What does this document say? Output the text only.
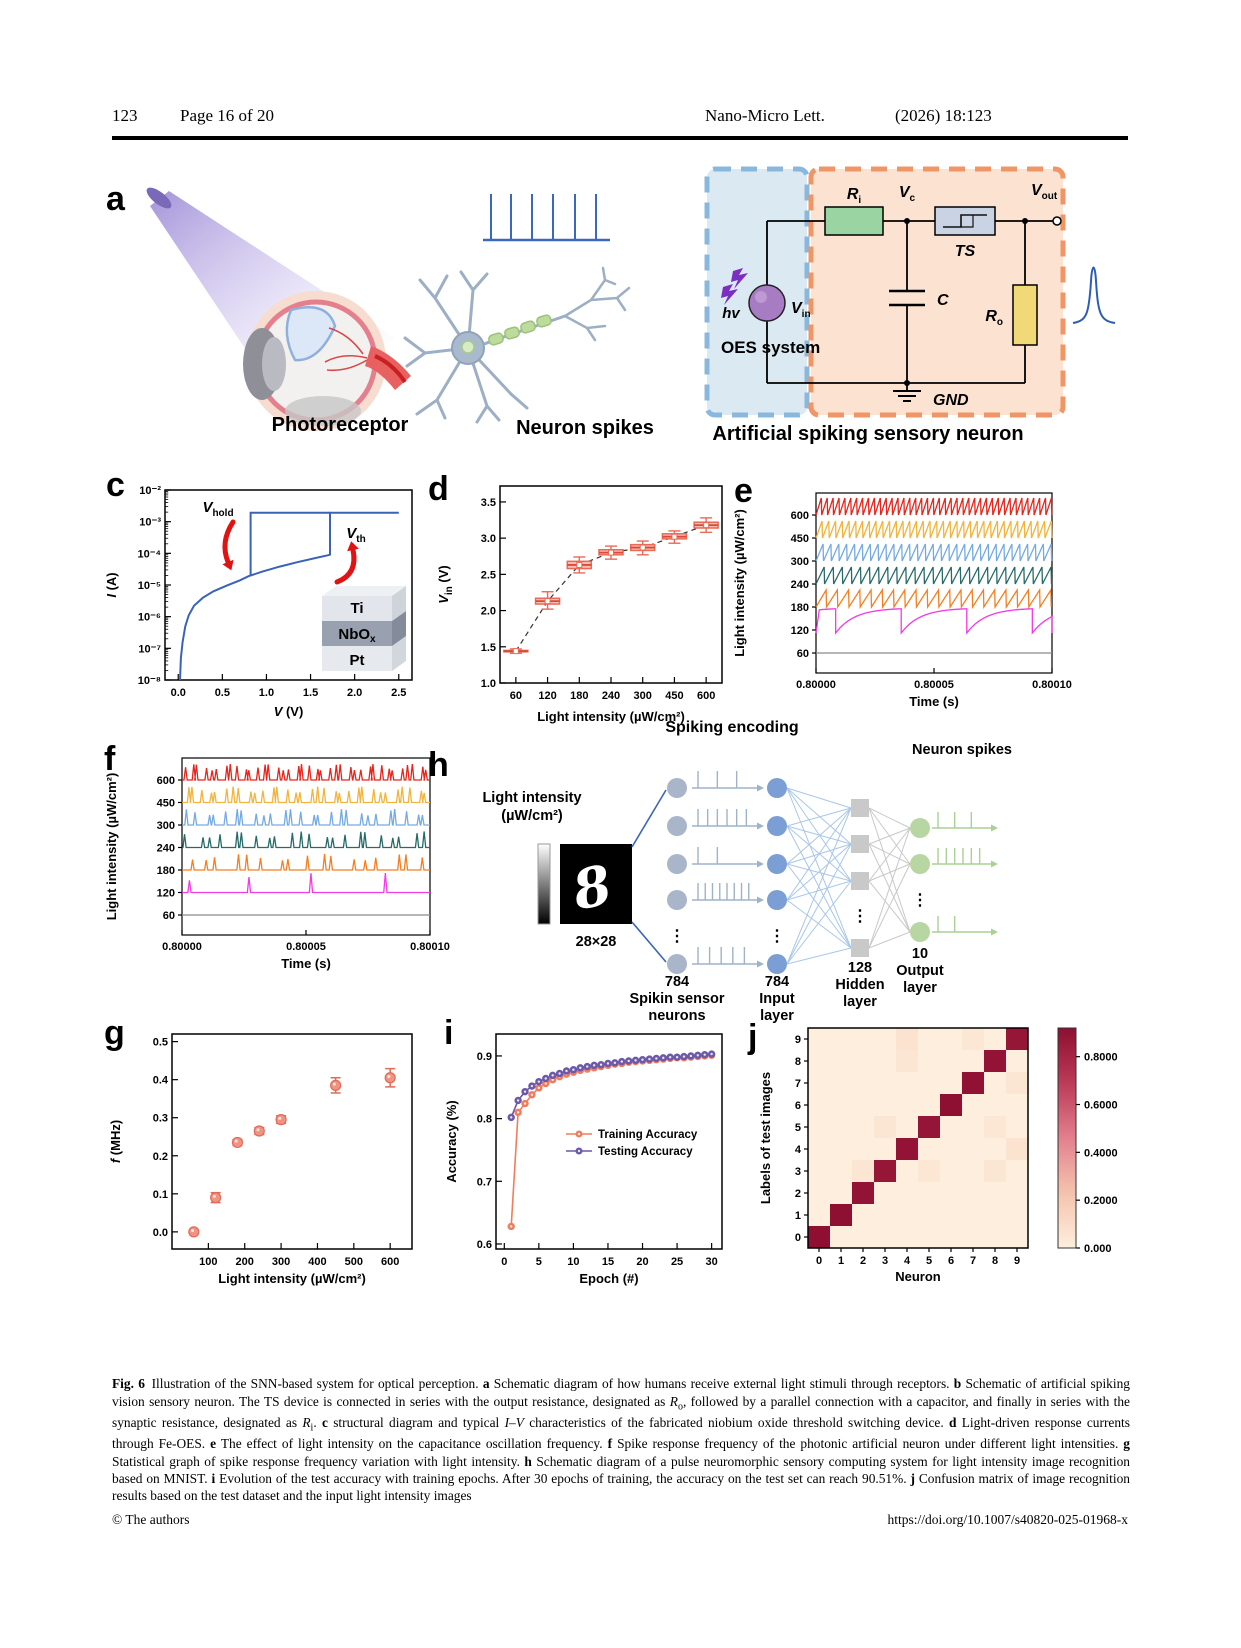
123	Page 16 of 20	Nano-Micro Lett.	(2026) 18:123
a
c	d	e
f	h
g	i	j
hv	$V_{in}$
OES system
$R_i$ $V_c$
TS
$V_{out}$
C
$R_o$
GND
Photoreceptor	Neuron spikes	Artificial spiking sensory neuron
10⁻²
10⁻³
10⁻⁴
10⁻⁵
10⁻⁶
10⁻⁷
10⁻⁸
0.0	0.5	1.0	1.5	2.0	2.5
$V_{hold}$
$V_{th}$
V (V)
I (A)
Ti
NbO$_x$
Pt
1.0
1.5
2.0
2.5
3.0
3.5
60 120 180 240 300 450 600
Light intensity (µW/cm²)
$V_{in}$ (V)
600
450
300
240
180
120
60
0.80000	0.80005	0.80010
Time (s)
Light intensity (µW/cm²)
600
450
300
240
180
120
60
0.80000	0.80005	0.80010
Time (s)
Light intensity (µW/cm²)
Spiking encoding
Light intensity
(µW/cm²)
8
28×28	⋮	⋮
⋮
⋮
Neuron spikes
784
Spikin sensor
neurons
784
Input
layer
128
Hidden
layer
10
Output
layer
0.0
0.1
0.2
0.3
0.4
0.5
100 200 300 400 500 600
Light intensity (µW/cm²)
f (MHz)
0.6
0.7
0.8
0.9
0	5 10 15 20 25 30
Training Accuracy
Testing Accuracy
Epoch (#)
Accuracy (%)
0
1
2
3
4
5
6
7
8
9
0 1 2 3 4 5 6 7 8 9
Neuron
Labels of test images
0.8000
0.6000
0.4000
0.2000
0.000

Fig. 6 Illustration of the SNN-based system for optical perception. a Schematic diagram of how humans receive external light stimuli through receptors. b Schematic of artificial spiking vision sensory neuron. The TS device is connected in series with the output resistance, designated as $R_o$, followed by a parallel connection with a capacitor, and finally in series with the synaptic resistance, designated as $R_i$. c structural diagram and typical I–V characteristics of the fabricated niobium oxide threshold switching device. d Light-driven response currents through Fe-OES. e The effect of light intensity on the capacitance oscillation frequency. f Spike response frequency of the photonic artificial neuron under different light intensities. g Statistical graph of spike response frequency variation with light intensity. h Schematic diagram of a pulse neuromorphic sensory computing system for light intensity image recognition based on MNIST. i Evolution of the test accuracy with training epochs. After 30 epochs of training, the accuracy on the test set can reach 90.51%. j Confusion matrix of image recognition results based on the test dataset and the input light intensity images

© The authors	https://doi.org/10.1007/s40820-025-01968-x
